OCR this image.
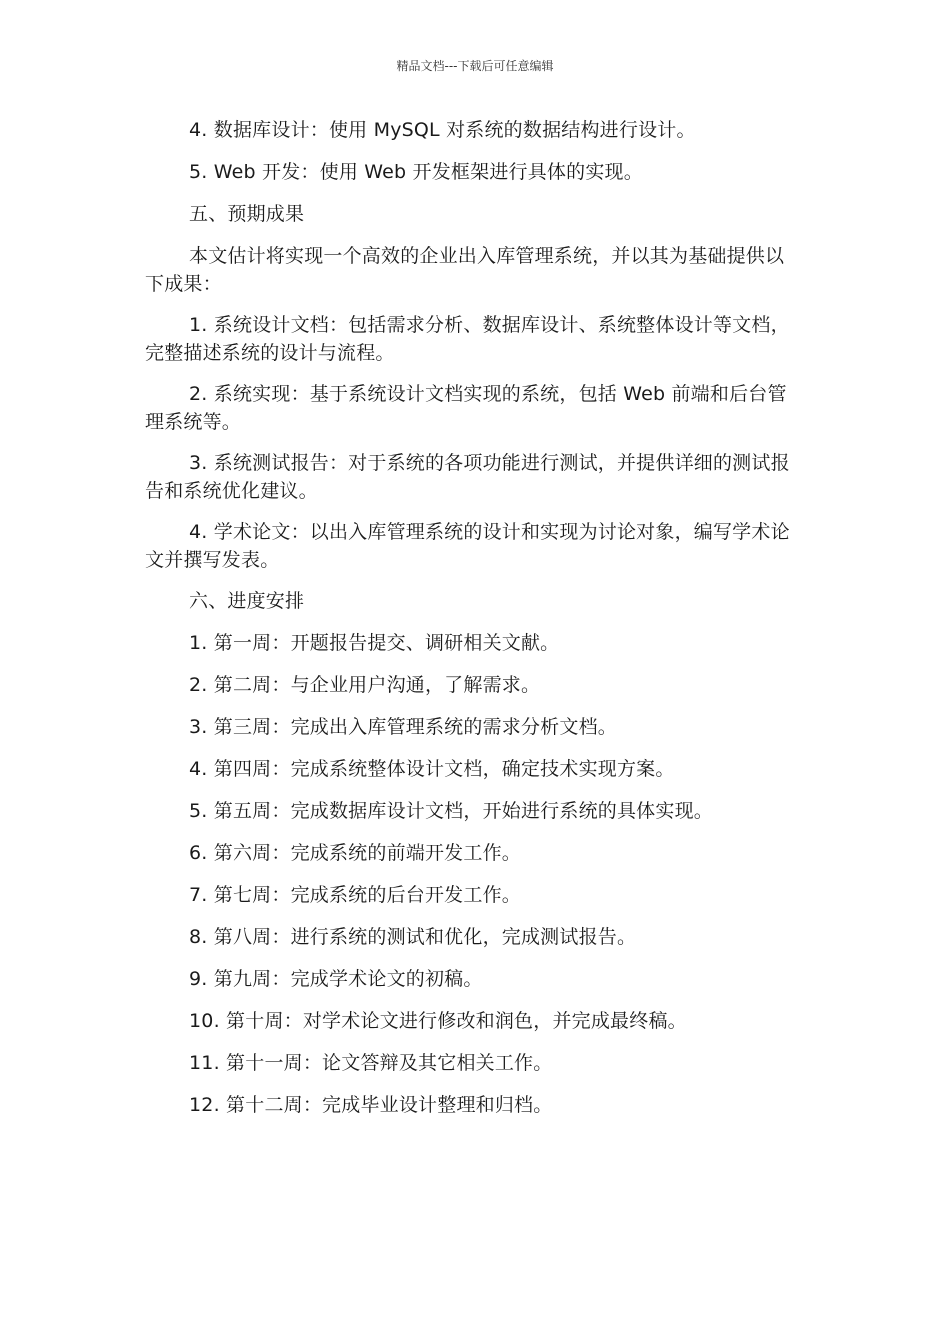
精品文档---下载后可任意编辑

4. 数据库设计：使用 MySQL 对系统的数据结构进行设计。

5. Web 开发：使用 Web 开发框架进行具体的实现。

五、预期成果

本文估计将实现一个高效的企业出入库管理系统，并以其为基础提供以下成果：

1. 系统设计文档：包括需求分析、数据库设计、系统整体设计等文档，完整描述系统的设计与流程。

2. 系统实现：基于系统设计文档实现的系统，包括 Web 前端和后台管理系统等。

3. 系统测试报告：对于系统的各项功能进行测试，并提供详细的测试报告和系统优化建议。

4. 学术论文：以出入库管理系统的设计和实现为讨论对象，编写学术论文并撰写发表。

六、进度安排

1. 第一周：开题报告提交、调研相关文献。

2. 第二周：与企业用户沟通，了解需求。

3. 第三周：完成出入库管理系统的需求分析文档。

4. 第四周：完成系统整体设计文档，确定技术实现方案。

5. 第五周：完成数据库设计文档，开始进行系统的具体实现。

6. 第六周：完成系统的前端开发工作。

7. 第七周：完成系统的后台开发工作。

8. 第八周：进行系统的测试和优化，完成测试报告。

9. 第九周：完成学术论文的初稿。

10. 第十周：对学术论文进行修改和润色，并完成最终稿。

11. 第十一周：论文答辩及其它相关工作。

12. 第十二周：完成毕业设计整理和归档。
